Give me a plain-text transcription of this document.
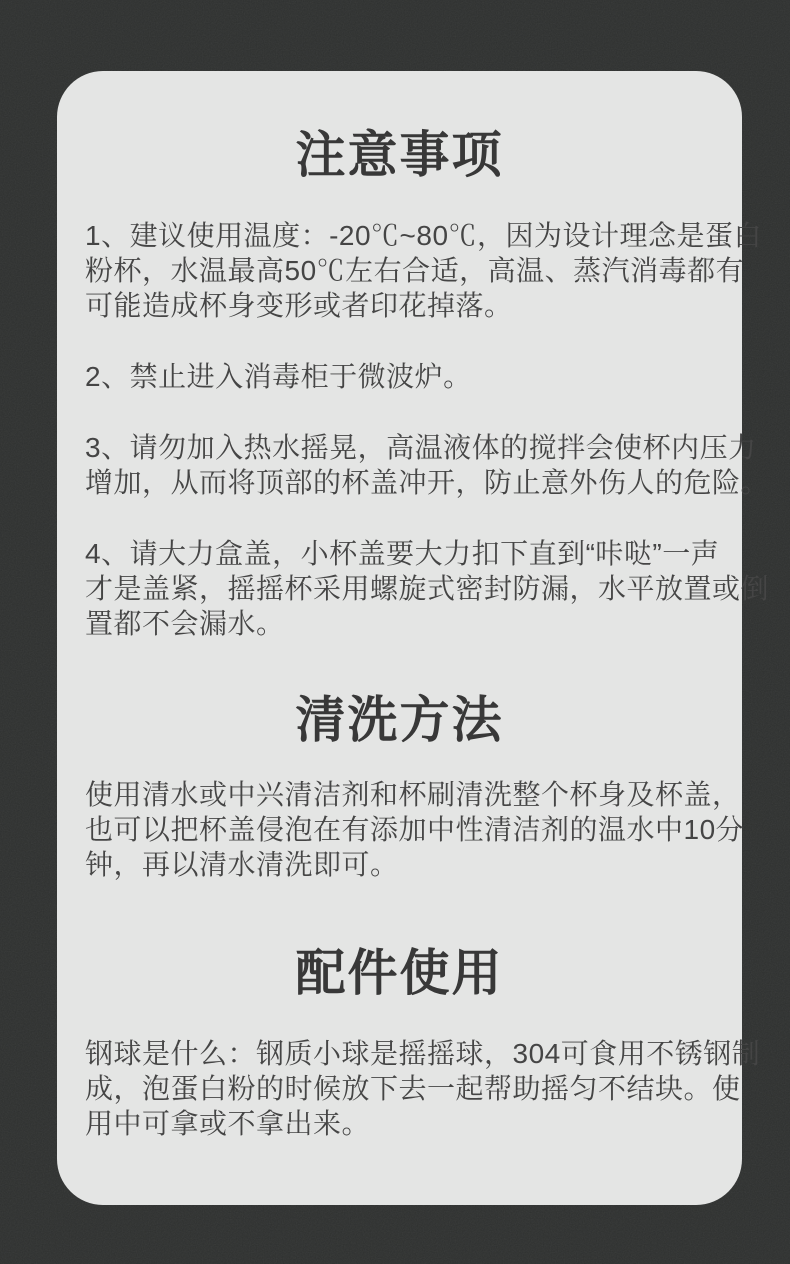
注意事项
1、建议使用温度：-20℃~80℃，因为设计理念是蛋白
粉杯，水温最高50℃左右合适，高温、蒸汽消毒都有
可能造成杯身变形或者印花掉落。
2、禁止进入消毒柜于微波炉。
3、请勿加入热水摇晃，高温液体的搅拌会使杯内压力
增加，从而将顶部的杯盖冲开，防止意外伤人的危险。
4、请大力盒盖，小杯盖要大力扣下直到“咔哒”一声
才是盖紧，摇摇杯采用螺旋式密封防漏，水平放置或倒
置都不会漏水。
清洗方法
使用清水或中兴清洁剂和杯刷清洗整个杯身及杯盖，
也可以把杯盖侵泡在有添加中性清洁剂的温水中10分
钟，再以清水清洗即可。
配件使用
钢球是什么：钢质小球是摇摇球，304可食用不锈钢制
成，泡蛋白粉的时候放下去一起帮助摇匀不结块。使
用中可拿或不拿出来。
